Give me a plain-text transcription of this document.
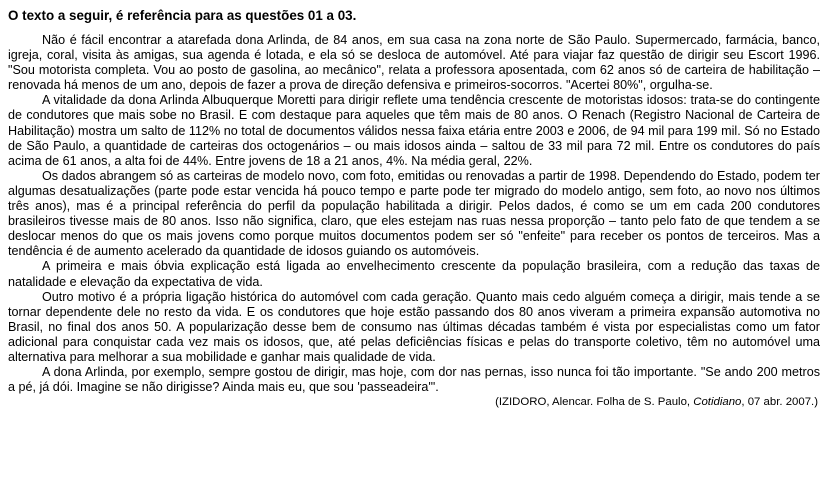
O texto a seguir, é referência para as questões 01 a 03.

Não é fácil encontrar a atarefada dona Arlinda, de 84 anos, em sua casa na zona norte de São Paulo. Supermercado, farmácia, banco, igreja, coral, visita às amigas, sua agenda é lotada, e ela só se desloca de automóvel. Até para viajar faz questão de dirigir seu Escort 1996. "Sou motorista completa. Vou ao posto de gasolina, ao mecânico", relata a professora aposentada, com 62 anos só de carteira de habilitação – renovada há menos de um ano, depois de fazer a prova de direção defensiva e primeiros-socorros. "Acertei 80%", orgulha-se.

A vitalidade da dona Arlinda Albuquerque Moretti para dirigir reflete uma tendência crescente de motoristas idosos: trata-se do contingente de condutores que mais sobe no Brasil. E com destaque para aqueles que têm mais de 80 anos. O Renach (Registro Nacional de Carteira de Habilitação) mostra um salto de 112% no total de documentos válidos nessa faixa etária entre 2003 e 2006, de 94 mil para 199 mil. Só no Estado de São Paulo, a quantidade de carteiras dos octogenários – ou mais idosos ainda – saltou de 33 mil para 72 mil. Entre os condutores do país acima de 61 anos, a alta foi de 44%. Entre jovens de 18 a 21 anos, 4%. Na média geral, 22%.

Os dados abrangem só as carteiras de modelo novo, com foto, emitidas ou renovadas a partir de 1998. Dependendo do Estado, podem ter algumas desatualizações (parte pode estar vencida há pouco tempo e parte pode ter migrado do modelo antigo, sem foto, ao novo nos últimos três anos), mas é a principal referência do perfil da população habilitada a dirigir. Pelos dados, é como se um em cada 200 condutores brasileiros tivesse mais de 80 anos. Isso não significa, claro, que eles estejam nas ruas nessa proporção – tanto pelo fato de que tendem a se deslocar menos do que os mais jovens como porque muitos documentos podem ser só "enfeite" para receber os pontos de terceiros. Mas a tendência é de aumento acelerado da quantidade de idosos guiando os automóveis.

A primeira e mais óbvia explicação está ligada ao envelhecimento crescente da população brasileira, com a redução das taxas de natalidade e elevação da expectativa de vida.

Outro motivo é a própria ligação histórica do automóvel com cada geração. Quanto mais cedo alguém começa a dirigir, mais tende a se tornar dependente dele no resto da vida. E os condutores que hoje estão passando dos 80 anos viveram a primeira expansão automotiva no Brasil, no final dos anos 50. A popularização desse bem de consumo nas últimas décadas também é vista por especialistas como um fator adicional para conquistar cada vez mais os idosos, que, até pelas deficiências físicas e pelas do transporte coletivo, têm no automóvel uma alternativa para melhorar a sua mobilidade e ganhar mais qualidade de vida.

A dona Arlinda, por exemplo, sempre gostou de dirigir, mas hoje, com dor nas pernas, isso nunca foi tão importante. "Se ando 200 metros a pé, já dói. Imagine se não dirigisse? Ainda mais eu, que sou 'passeadeira'".

(IZIDORO, Alencar. Folha de S. Paulo, Cotidiano, 07 abr. 2007.)
